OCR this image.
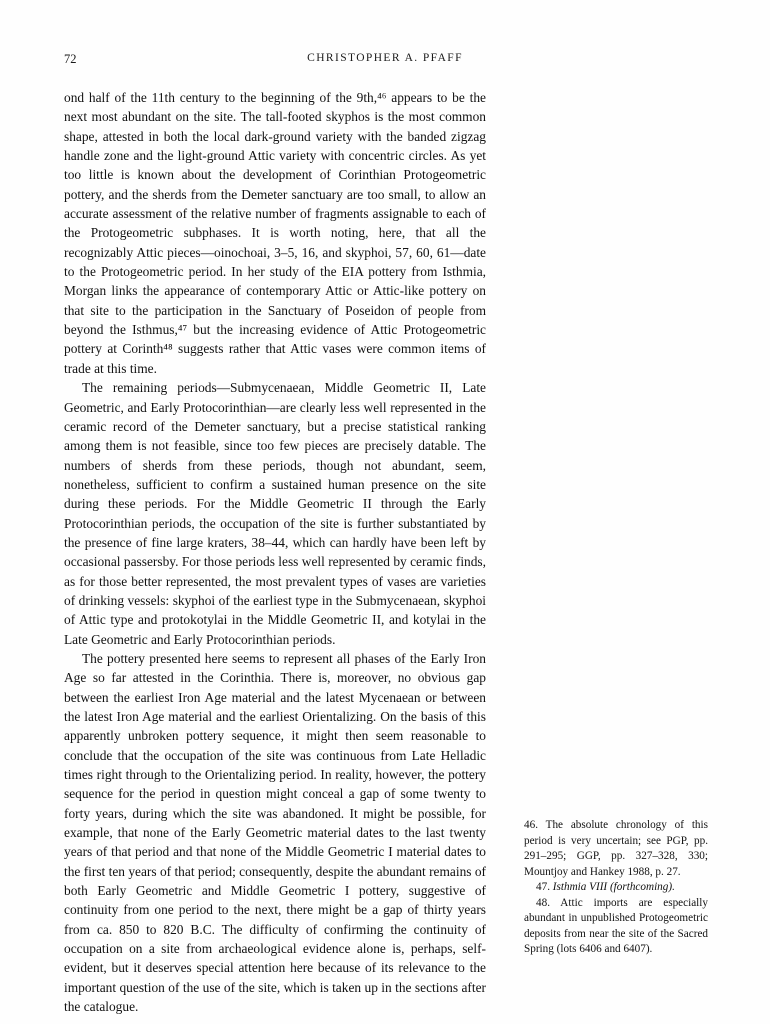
72	CHRISTOPHER A. PFAFF

ond half of the 11th century to the beginning of the 9th,⁴⁶ appears to be the next most abundant on the site. The tall-footed skyphos is the most common shape, attested in both the local dark-ground variety with the banded zigzag handle zone and the light-ground Attic variety with concentric circles. As yet too little is known about the development of Corinthian Protogeometric pottery, and the sherds from the Demeter sanctuary are too small, to allow an accurate assessment of the relative number of fragments assignable to each of the Protogeometric subphases. It is worth noting, here, that all the recognizably Attic pieces—oinochoai, 3–5, 16, and skyphoi, 57, 60, 61—date to the Protogeometric period. In her study of the EIA pottery from Isthmia, Morgan links the appearance of contemporary Attic or Attic-like pottery on that site to the participation in the Sanctuary of Poseidon of people from beyond the Isthmus,⁴⁷ but the increasing evidence of Attic Protogeometric pottery at Corinth⁴⁸ suggests rather that Attic vases were common items of trade at this time.

The remaining periods—Submycenaean, Middle Geometric II, Late Geometric, and Early Protocorinthian—are clearly less well represented in the ceramic record of the Demeter sanctuary, but a precise statistical ranking among them is not feasible, since too few pieces are precisely datable. The numbers of sherds from these periods, though not abundant, seem, nonetheless, sufficient to confirm a sustained human presence on the site during these periods. For the Middle Geometric II through the Early Protocorinthian periods, the occupation of the site is further substantiated by the presence of fine large kraters, 38–44, which can hardly have been left by occasional passersby. For those periods less well represented by ceramic finds, as for those better represented, the most prevalent types of vases are varieties of drinking vessels: skyphoi of the earliest type in the Submycenaean, skyphoi of Attic type and protokotylai in the Middle Geometric II, and kotylai in the Late Geometric and Early Protocorinthian periods.

The pottery presented here seems to represent all phases of the Early Iron Age so far attested in the Corinthia. There is, moreover, no obvious gap between the earliest Iron Age material and the latest Mycenaean or between the latest Iron Age material and the earliest Orientalizing. On the basis of this apparently unbroken pottery sequence, it might then seem reasonable to conclude that the occupation of the site was continuous from Late Helladic times right through to the Orientalizing period. In reality, however, the pottery sequence for the period in question might conceal a gap of some twenty to forty years, during which the site was abandoned. It might be possible, for example, that none of the Early Geometric material dates to the last twenty years of that period and that none of the Middle Geometric I material dates to the first ten years of that period; consequently, despite the abundant remains of both Early Geometric and Middle Geometric I pottery, suggestive of continuity from one period to the next, there might be a gap of thirty years from ca. 850 to 820 B.C. The difficulty of confirming the continuity of occupation on a site from archaeological evidence alone is, perhaps, self-evident, but it deserves special attention here because of its relevance to the important question of the use of the site, which is taken up in the sections after the catalogue.

46. The absolute chronology of this period is very uncertain; see PGP, pp. 291–295; GGP, pp. 327–328, 330; Mountjoy and Hankey 1988, p. 27.

47. Isthmia VIII (forthcoming).

48. Attic imports are especially abundant in unpublished Protogeometric deposits from near the site of the Sacred Spring (lots 6406 and 6407).
